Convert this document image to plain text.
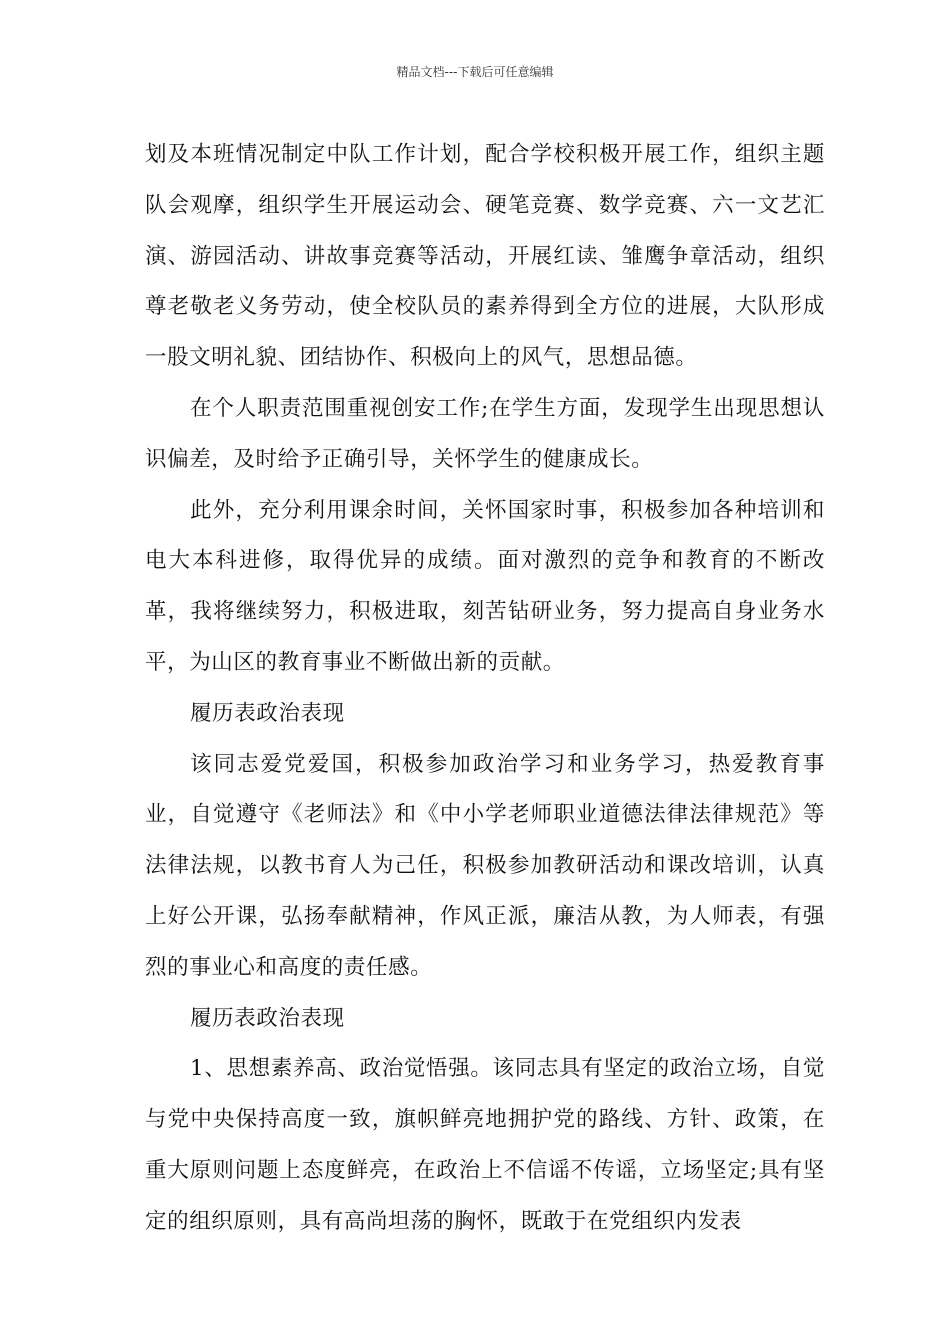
精品文档---下载后可任意编辑

划及本班情况制定中队工作计划，配合学校积极开展工作，组织主题队会观摩，组织学生开展运动会、硬笔竞赛、数学竞赛、六一文艺汇演、游园活动、讲故事竞赛等活动，开展红读、雏鹰争章活动，组织尊老敬老义务劳动，使全校队员的素养得到全方位的进展，大队形成一股文明礼貌、团结协作、积极向上的风气，思想品德。

在个人职责范围重视创安工作;在学生方面，发现学生出现思想认识偏差，及时给予正确引导，关怀学生的健康成长。

此外，充分利用课余时间，关怀国家时事，积极参加各种培训和电大本科进修，取得优异的成绩。面对激烈的竞争和教育的不断改革，我将继续努力，积极进取，刻苦钻研业务，努力提高自身业务水平，为山区的教育事业不断做出新的贡献。

履历表政治表现

该同志爱党爱国，积极参加政治学习和业务学习，热爱教育事业，自觉遵守《老师法》和《中小学老师职业道德法律法律规范》等法律法规，以教书育人为己任，积极参加教研活动和课改培训，认真上好公开课，弘扬奉献精神，作风正派，廉洁从教，为人师表，有强烈的事业心和高度的责任感。

履历表政治表现

1、思想素养高、政治觉悟强。该同志具有坚定的政治立场，自觉与党中央保持高度一致，旗帜鲜亮地拥护党的路线、方针、政策，在重大原则问题上态度鲜亮，在政治上不信谣不传谣，立场坚定;具有坚定的组织原则，具有高尚坦荡的胸怀，既敢于在党组织内发表
